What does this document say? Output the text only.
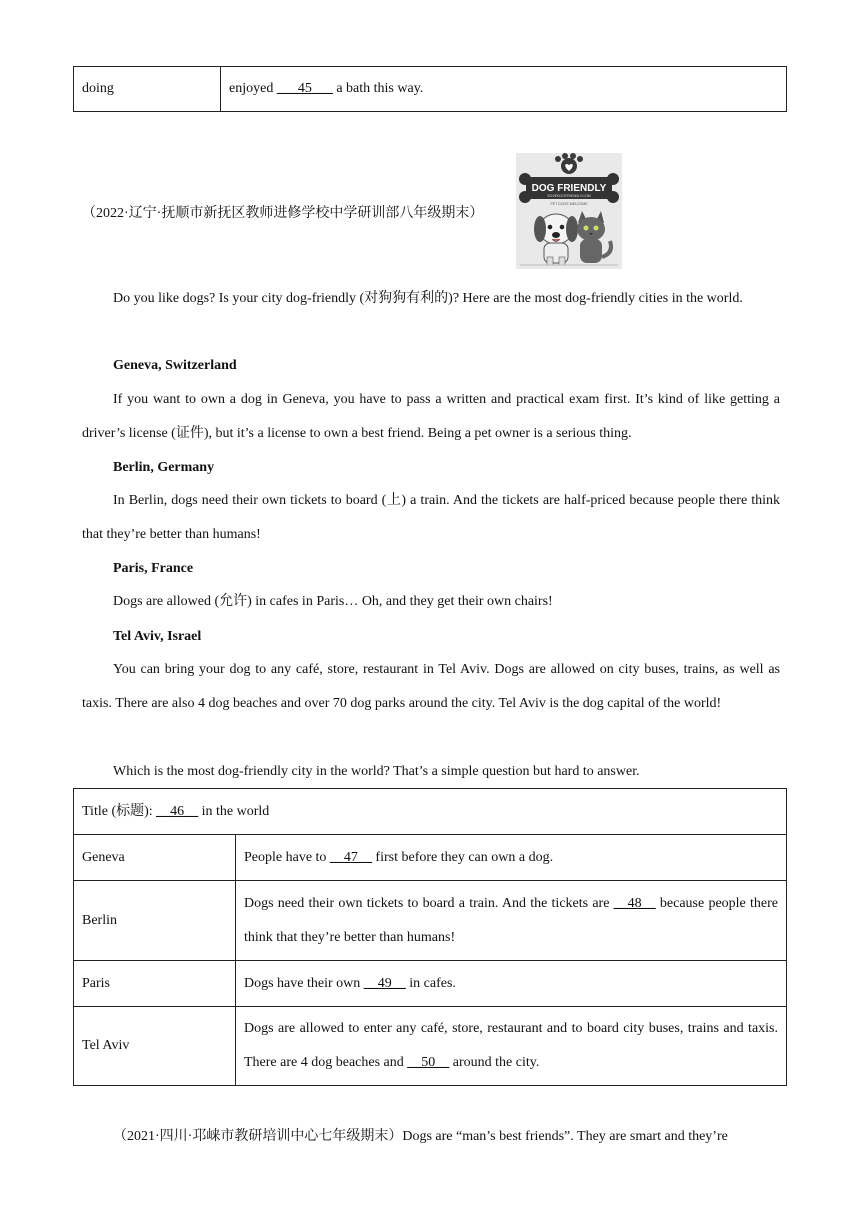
doing	enjoyed ___45___ a bath this way.

（2022·辽宁·抚顺市新抚区教师进修学校中学研训部八年级期末）

DOG FRIENDLY
SOVEDOGFRIENDLY.COM
PET DOGS WELCOME

Do you like dogs? Is your city dog-friendly (对狗狗有利的)? Here are the most dog-friendly cities in the world.

Geneva, Switzerland

If you want to own a dog in Geneva, you have to pass a written and practical exam first. It’s kind of like getting a driver’s license (证件), but it’s a license to own a best friend. Being a pet owner is a serious thing.

Berlin, Germany

In Berlin, dogs need their own tickets to board (上) a train. And the tickets are half-priced because people there think that they’re better than humans!

Paris, France

Dogs are allowed (允许) in cafes in Paris… Oh, and they get their own chairs!

Tel Aviv, Israel

You can bring your dog to any café, store, restaurant in Tel Aviv. Dogs are allowed on city buses, trains, as well as taxis. There are also 4 dog beaches and over 70 dog parks around the city. Tel Aviv is the dog capital of the world!

Which is the most dog-friendly city in the world? That’s a simple question but hard to answer.

Title (标题): __46__ in the world	
Geneva	People have to __47__ first before they can own a dog.
Berlin	Dogs need their own tickets to board a train. And the tickets are __48__ because people there think that they’re better than humans!
Paris	Dogs have their own __49__ in cafes.
Tel Aviv	Dogs are allowed to enter any café, store, restaurant and to board city buses, trains and taxis. There are 4 dog beaches and __50__ around the city.

（2021·四川·邛崃市教研培训中心七年级期末）Dogs are “man’s best friends”. They are smart and they’re
